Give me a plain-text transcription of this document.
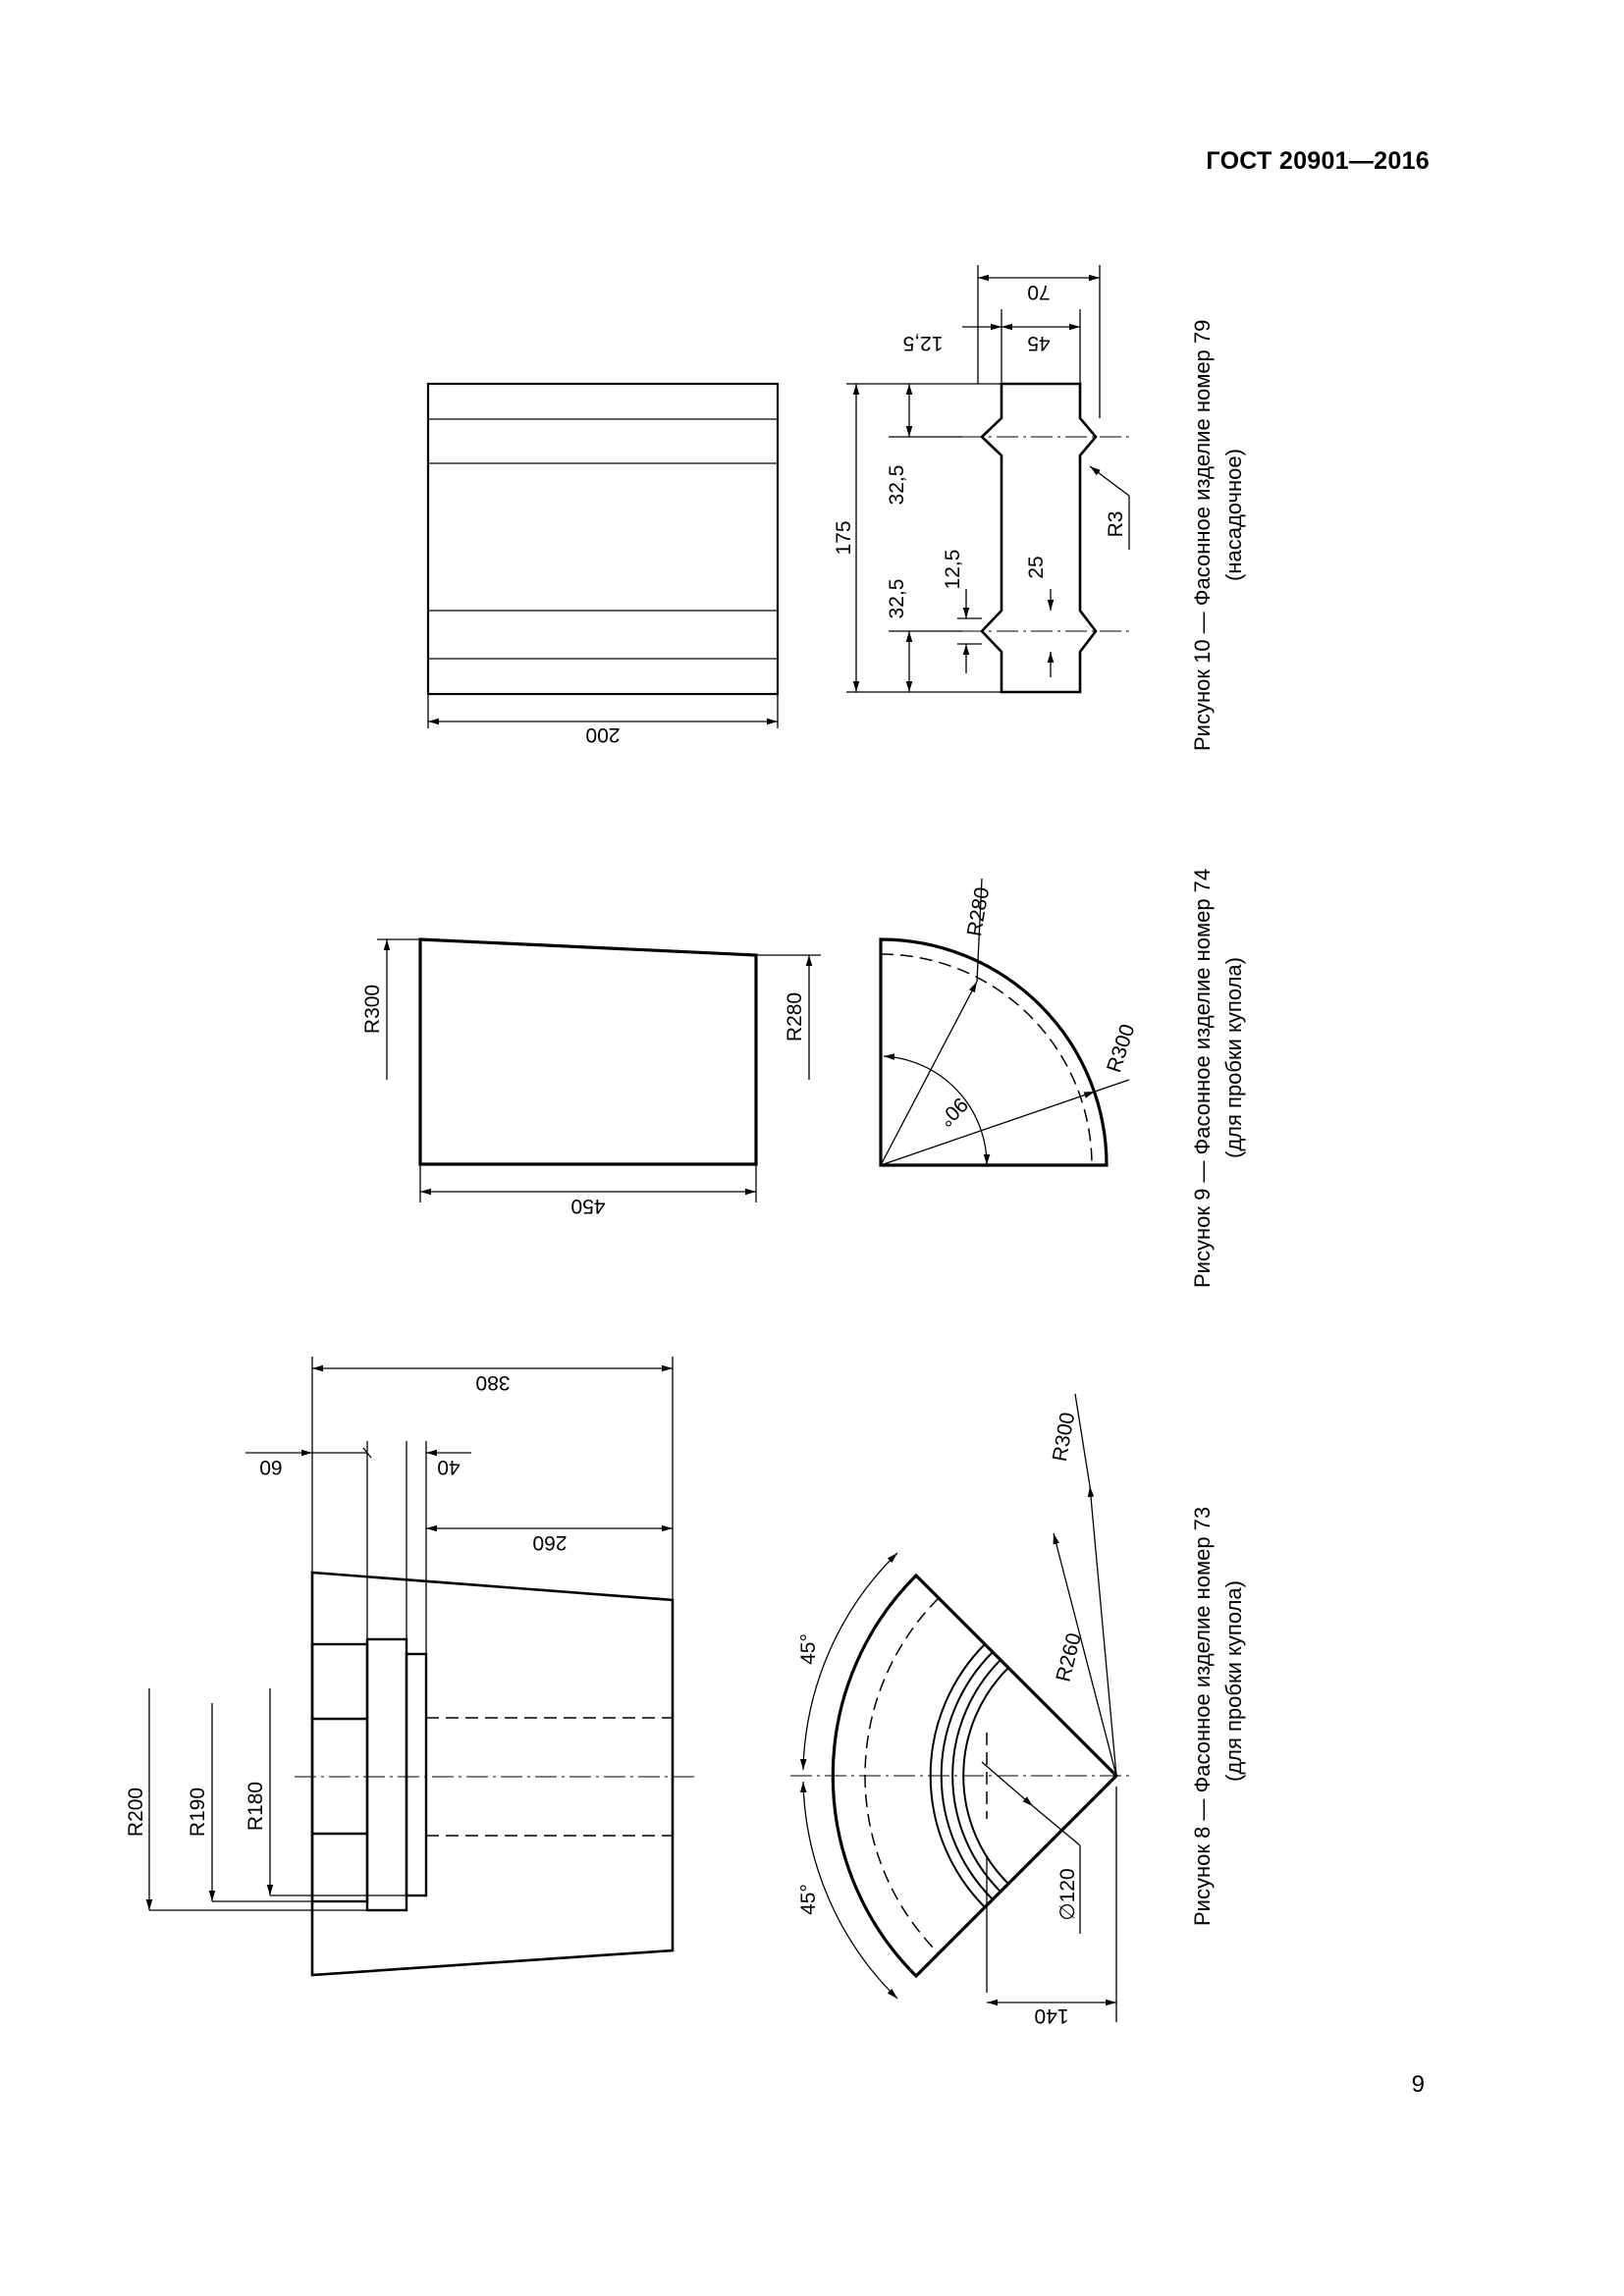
ГОСТ 20901—2016
9
200
175
32,5
32,5
12,5	25
R3
70
45
12,5	Рисунок 10 — Фасонное изделие номер 79 (насадочное)
R300	R280
450
R280
R300
90°	Рисунок 9 — Фасонное изделие номер 74 (для пробки купола)
380
60	40
260
R200 R190 R180
45°
45°
R300
R260
∅120
140
Рисунок 8 — Фасонное изделие номер 73 (для пробки купола)
